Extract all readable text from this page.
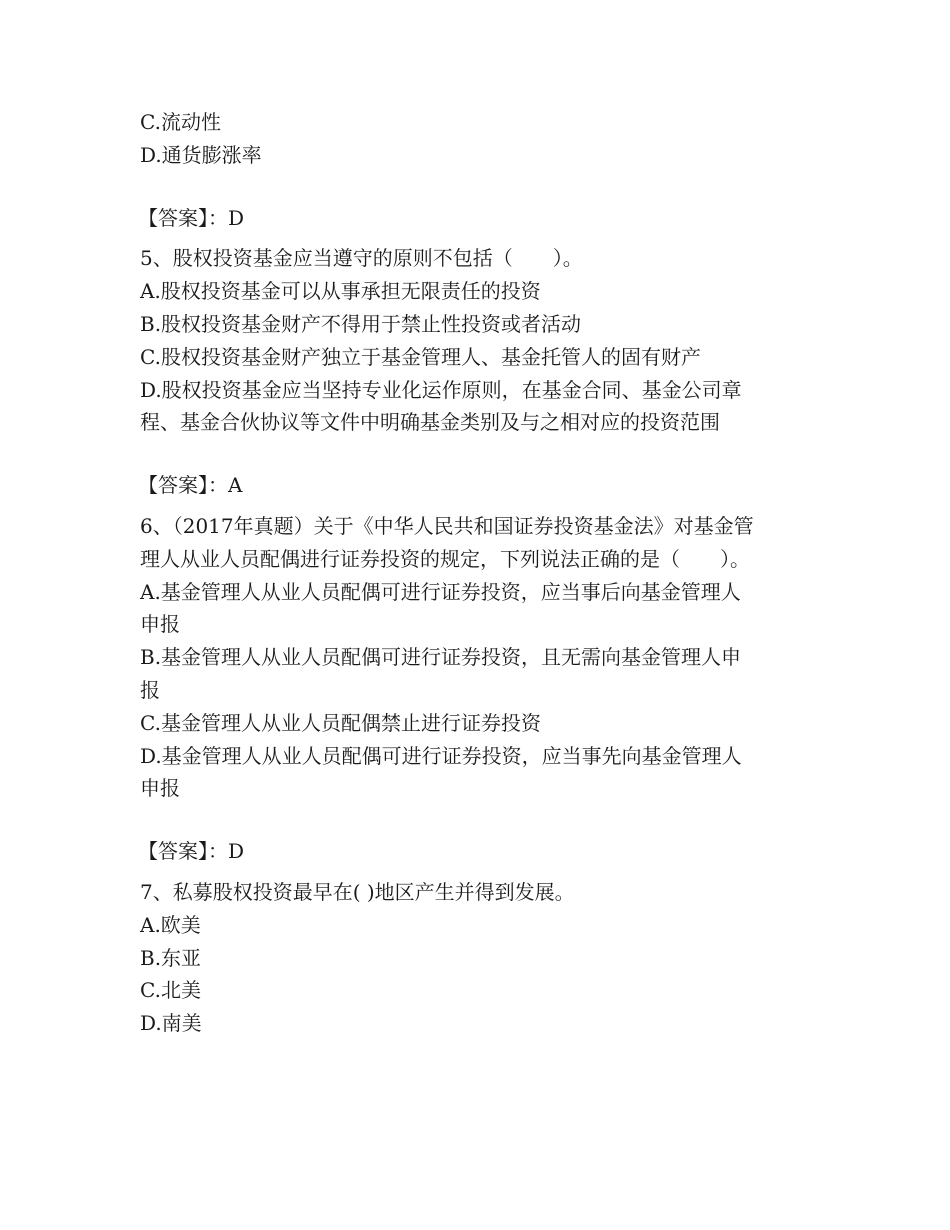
C.流动性
D.通货膨涨率
【答案】：D
5、股权投资基金应当遵守的原则不包括（　　）。
A.股权投资基金可以从事承担无限责任的投资
B.股权投资基金财产不得用于禁止性投资或者活动
C.股权投资基金财产独立于基金管理人、基金托管人的固有财产
D.股权投资基金应当坚持专业化运作原则，在基金合同、基金公司章
程、基金合伙协议等文件中明确基金类别及与之相对应的投资范围
【答案】：A
6、（2017年真题）关于《中华人民共和国证券投资基金法》对基金管
理人从业人员配偶进行证券投资的规定，下列说法正确的是（　　）。
A.基金管理人从业人员配偶可进行证券投资，应当事后向基金管理人
申报
B.基金管理人从业人员配偶可进行证券投资，且无需向基金管理人申
报
C.基金管理人从业人员配偶禁止进行证券投资
D.基金管理人从业人员配偶可进行证券投资，应当事先向基金管理人
申报
【答案】：D
7、私募股权投资最早在( )地区产生并得到发展。
A.欧美
B.东亚
C.北美
D.南美
